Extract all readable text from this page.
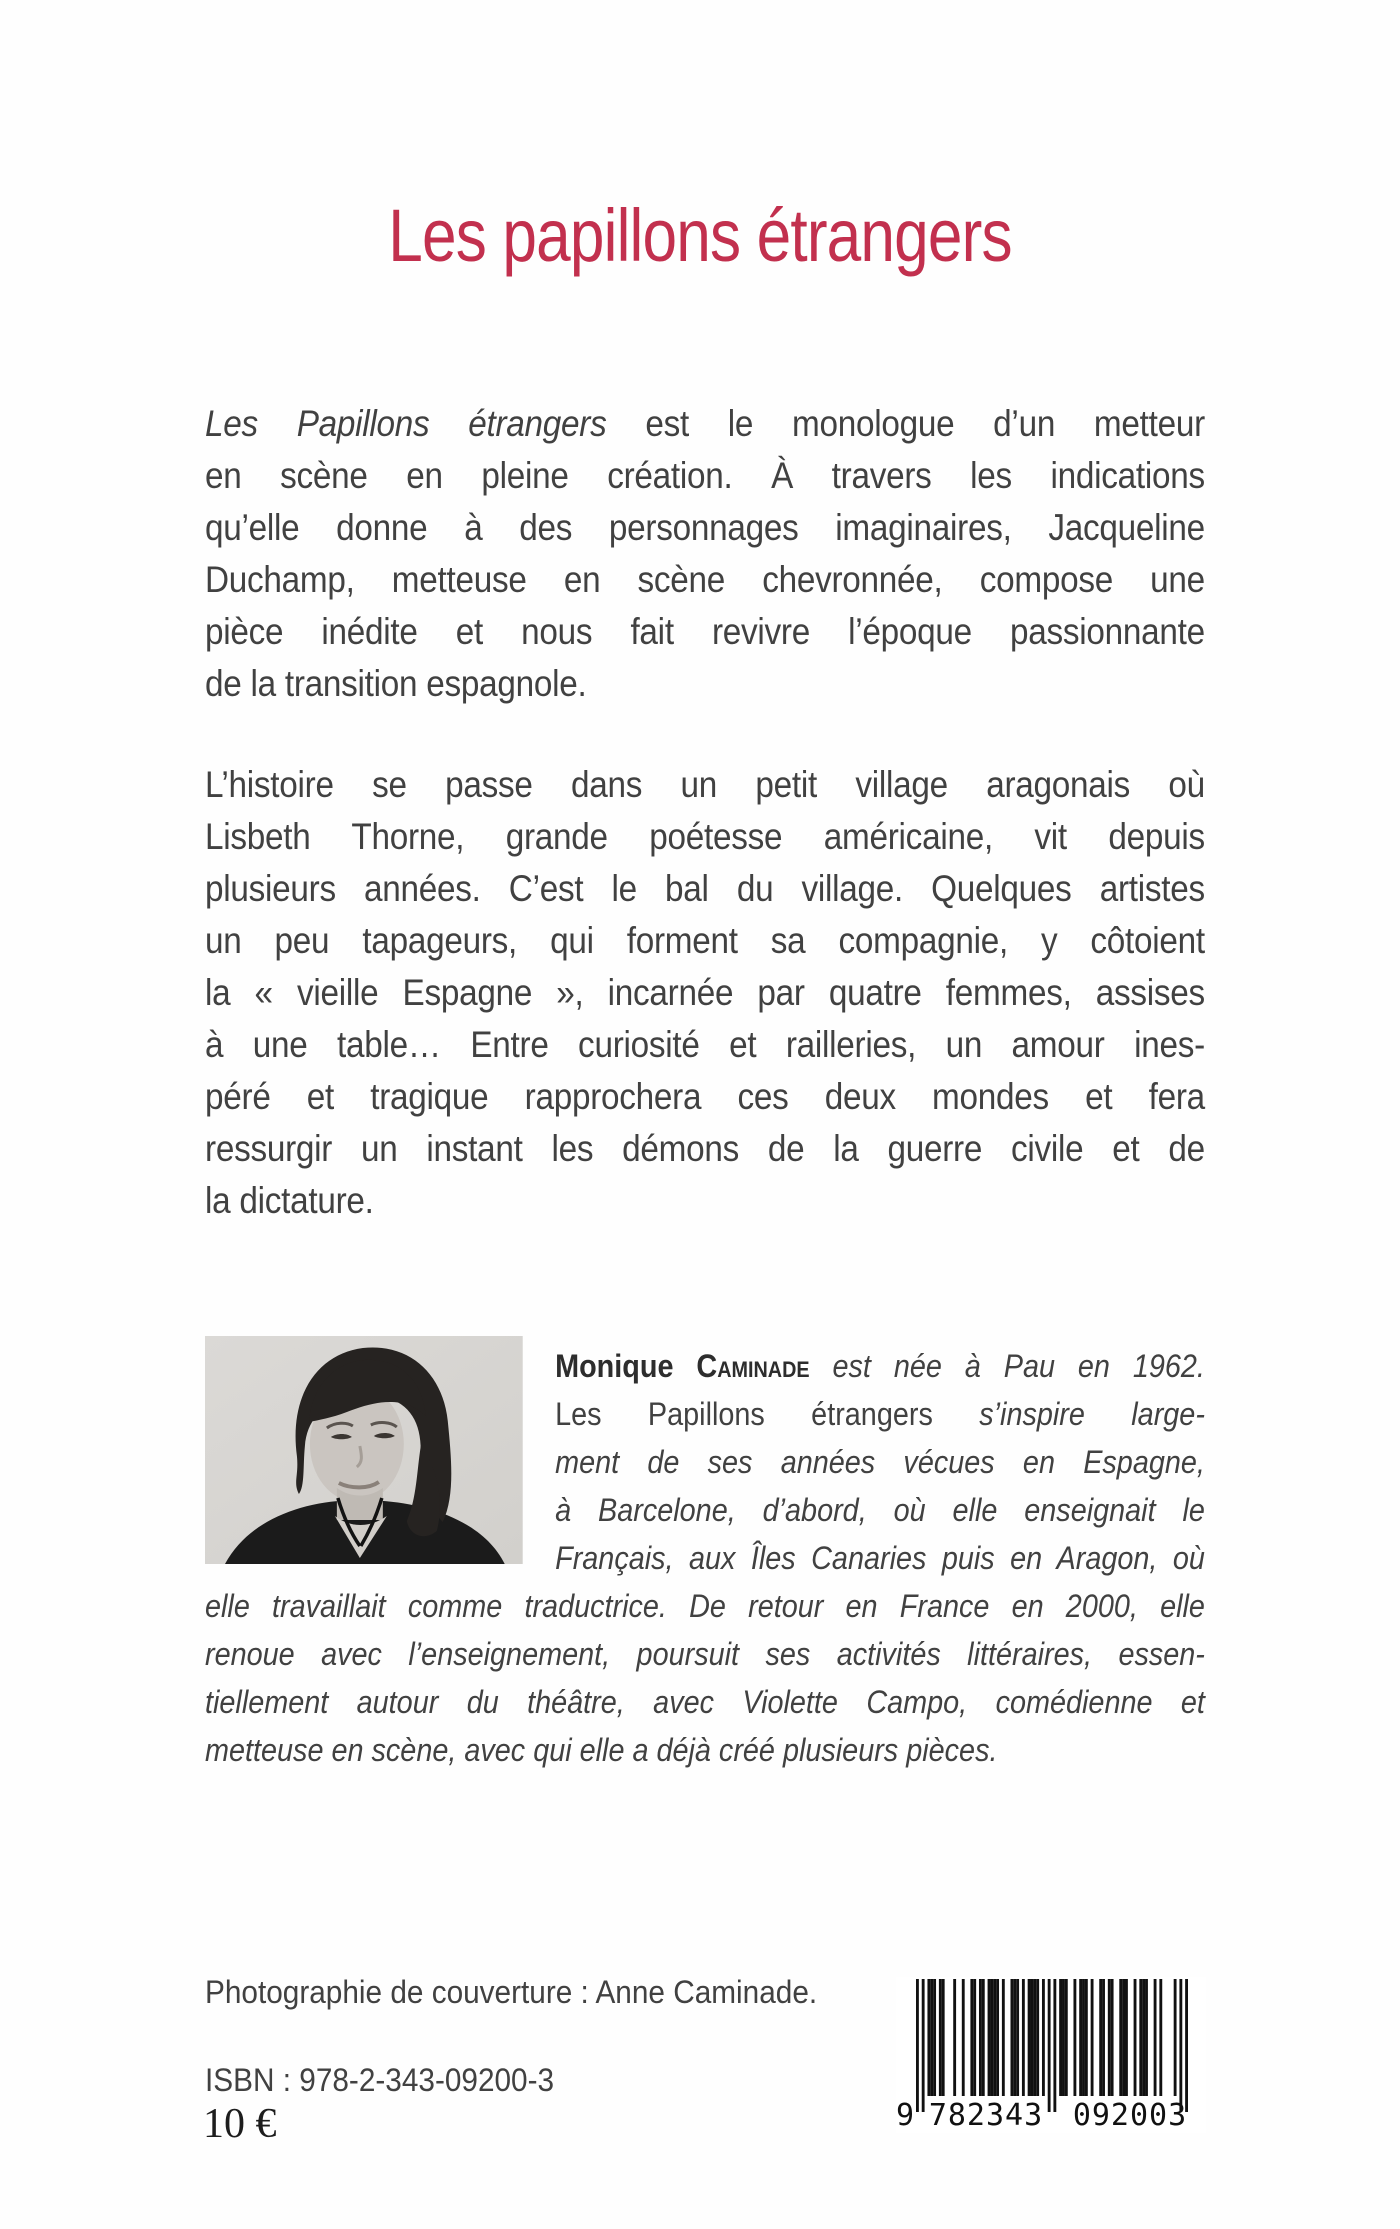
Les papillons étrangers
Les Papillons étrangers est le monologue d’un metteur
en scène en pleine création. À travers les indications
qu’elle donne à des personnages imaginaires, Jacqueline
Duchamp, metteuse en scène chevronnée, compose une
pièce inédite et nous fait revivre l’époque passionnante
de la transition espagnole.
L’histoire se passe dans un petit village aragonais où
Lisbeth Thorne, grande poétesse américaine, vit depuis
plusieurs années. C’est le bal du village. Quelques artistes
un peu tapageurs, qui forment sa compagnie, y côtoient
la « vieille Espagne », incarnée par quatre femmes, assises
à une table… Entre curiosité et railleries, un amour ines-
péré et tragique rapprochera ces deux mondes et fera
ressurgir un instant les démons de la guerre civile et de
la dictature.
Monique Caminade est née à Pau en 1962.
Les Papillons étrangers s’inspire large-
ment de ses années vécues en Espagne,
à Barcelone, d’abord, où elle enseignait le
Français, aux Îles Canaries puis en Aragon, où
elle travaillait comme traductrice. De retour en France en 2000, elle
renoue avec l’enseignement, poursuit ses activités littéraires, essen-
tiellement autour du théâtre, avec Violette Campo, comédienne et
metteuse en scène, avec qui elle a déjà créé plusieurs pièces.
Photographie de couverture : Anne Caminade.
ISBN : 978-2-343-09200-3
10 €	9 782343 092003
